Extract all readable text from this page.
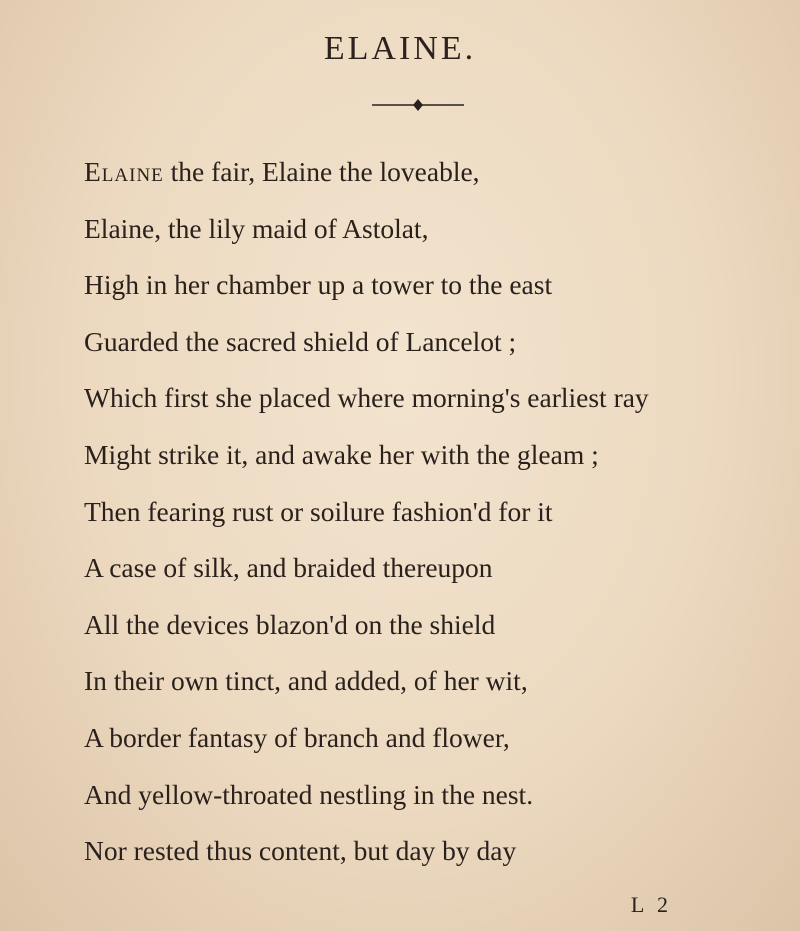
ELAINE.
Elaine the fair, Elaine the loveable,
Elaine, the lily maid of Astolat,
High in her chamber up a tower to the east
Guarded the sacred shield of Lancelot ;
Which first she placed where morning's earliest ray
Might strike it, and awake her with the gleam ;
Then fearing rust or soilure fashion'd for it
A case of silk, and braided thereupon
All the devices blazon'd on the shield
In their own tinct, and added, of her wit,
A border fantasy of branch and flower,
And yellow-throated nestling in the nest.
Nor rested thus content, but day by day
L 2
